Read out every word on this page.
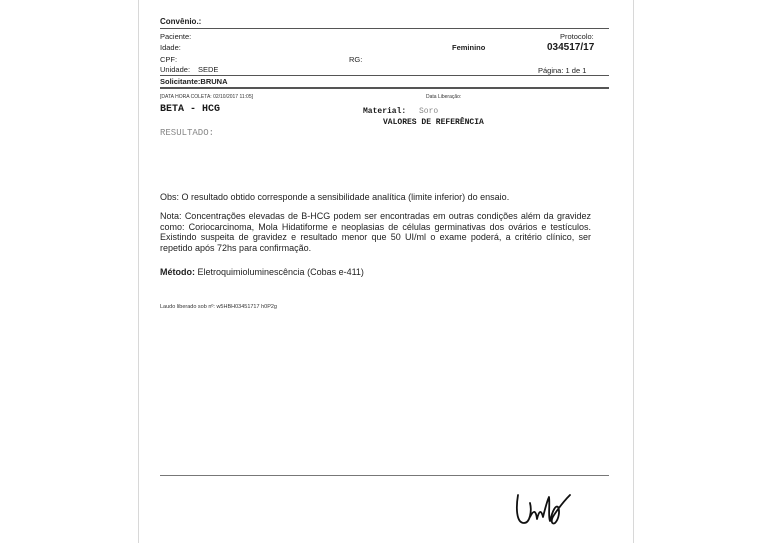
Convênio.:
Paciente:	Protocolo:
Idade:	Feminino	034517/17
CPF:	RG:
Unidade: SEDE	Página: 1 de 1
Solicitante:BRUNA
[DATA HORA COLETA: 02/10/2017 11:05]	Data Liberação:
BETA - HCG	Material: Soro
VALORES DE REFERÊNCIA
RESULTADO:
Obs: O resultado obtido corresponde a sensibilidade analítica (limite inferior) do ensaio.
Nota: Concentrações elevadas de B-HCG podem ser encontradas em outras condições além da gravidez como: Coriocarcinoma, Mola Hidatiforme e neoplasias de células germinativas dos ovários e testículos. Existindo suspeita de gravidez e resultado menor que 50 UI/ml o exame poderá, a critério clínico, ser repetido após 72hs para confirmação.
Método: Eletroquimioluminescência (Cobas e-411)
Laudo liberado sob nº: w5HBH03451717 h0P2g
